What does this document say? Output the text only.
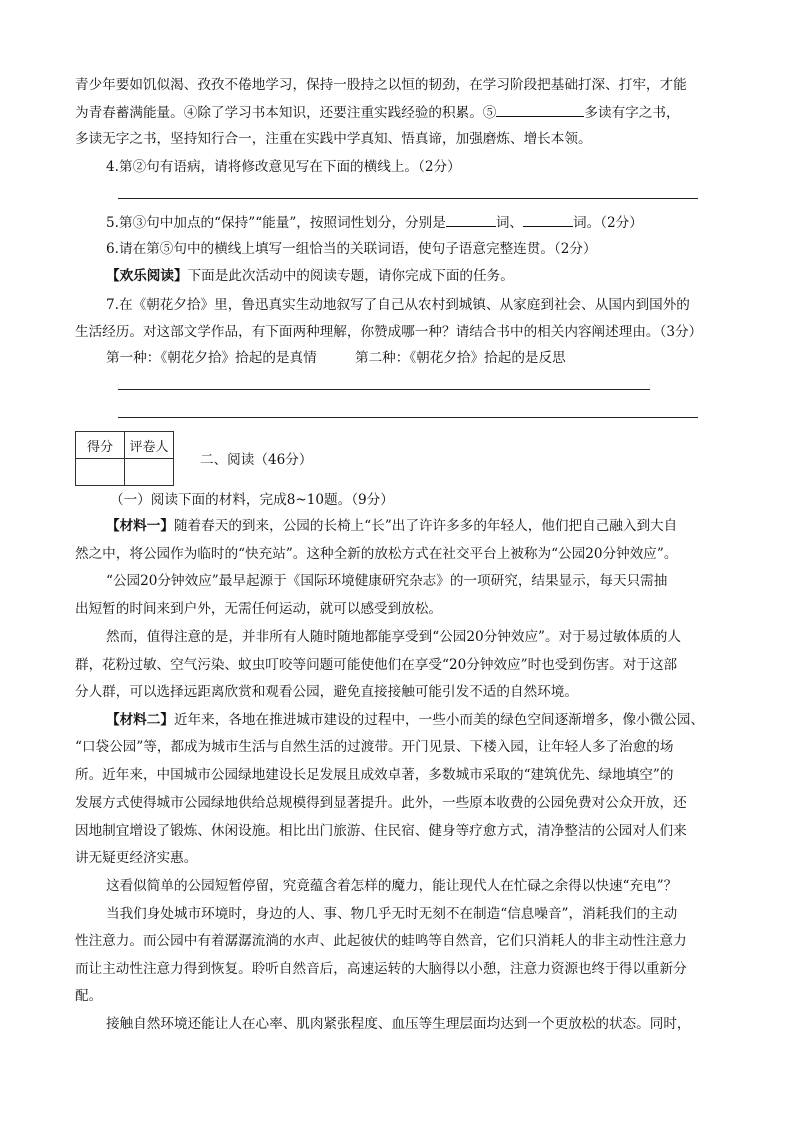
青少年要如饥似渴、孜孜不倦地学习，保持一股持之以恒的韧劲，在学习阶段把基础打深、打牢，才能
为青春蓄满能量。④除了学习书本知识，还要注重实践经验的积累。⑤	多读有字之书，
多读无字之书，坚持知行合一，注重在实践中学真知、悟真谛，加强磨炼、增长本领。
4.第②句有语病，请将修改意见写在下面的横线上。（2分）
5.第③句中加点的“保持”“能量”，按照词性划分，分别是	词、	词。（2分）
6.请在第⑤句中的横线上填写一组恰当的关联词语，使句子语意完整连贯。（2分）
【欢乐阅读】下面是此次活动中的阅读专题，请你完成下面的任务。
7.在《朝花夕拾》里，鲁迅真实生动地叙写了自己从农村到城镇、从家庭到社会、从国内到国外的
生活经历。对这部文学作品，有下面两种理解，你赞成哪一种？请结合书中的相关内容阐述理由。（3分）
第一种：《朝花夕拾》拾起的是真情	第二种：《朝花夕拾》拾起的是反思
得分	评卷人

二、阅读（46分）
（一）阅读下面的材料，完成8~10题。（9分）
【材料一】随着春天的到来，公园的长椅上“长”出了许许多多的年轻人，他们把自己融入到大自
然之中，将公园作为临时的“快充站”。这种全新的放松方式在社交平台上被称为“公园20分钟效应”。
“公园20分钟效应”最早起源于《国际环境健康研究杂志》的一项研究，结果显示，每天只需抽
出短暂的时间来到户外，无需任何运动，就可以感受到放松。
然而，值得注意的是，并非所有人随时随地都能享受到“公园20分钟效应”。对于易过敏体质的人
群，花粉过敏、空气污染、蚊虫叮咬等问题可能使他们在享受“20分钟效应”时也受到伤害。对于这部
分人群，可以选择远距离欣赏和观看公园，避免直接接触可能引发不适的自然环境。
【材料二】近年来，各地在推进城市建设的过程中，一些小而美的绿色空间逐渐增多，像小微公园、
“口袋公园”等，都成为城市生活与自然生活的过渡带。开门见景、下楼入园，让年轻人多了治愈的场
所。近年来，中国城市公园绿地建设长足发展且成效卓著，多数城市采取的“建筑优先、绿地填空”的
发展方式使得城市公园绿地供给总规模得到显著提升。此外，一些原本收费的公园免费对公众开放，还
因地制宜增设了锻炼、休闲设施。相比出门旅游、住民宿、健身等疗愈方式，清净整洁的公园对人们来
讲无疑更经济实惠。
这看似简单的公园短暂停留，究竟蕴含着怎样的魔力，能让现代人在忙碌之余得以快速“充电”？
当我们身处城市环境时，身边的人、事、物几乎无时无刻不在制造“信息噪音”，消耗我们的主动
性注意力。而公园中有着潺潺流淌的水声、此起彼伏的蛙鸣等自然音，它们只消耗人的非主动性注意力
而让主动性注意力得到恢复。聆听自然音后，高速运转的大脑得以小憩，注意力资源也终于得以重新分
配。
接触自然环境还能让人在心率、肌肉紧张程度、血压等生理层面均达到一个更放松的状态。同时，
